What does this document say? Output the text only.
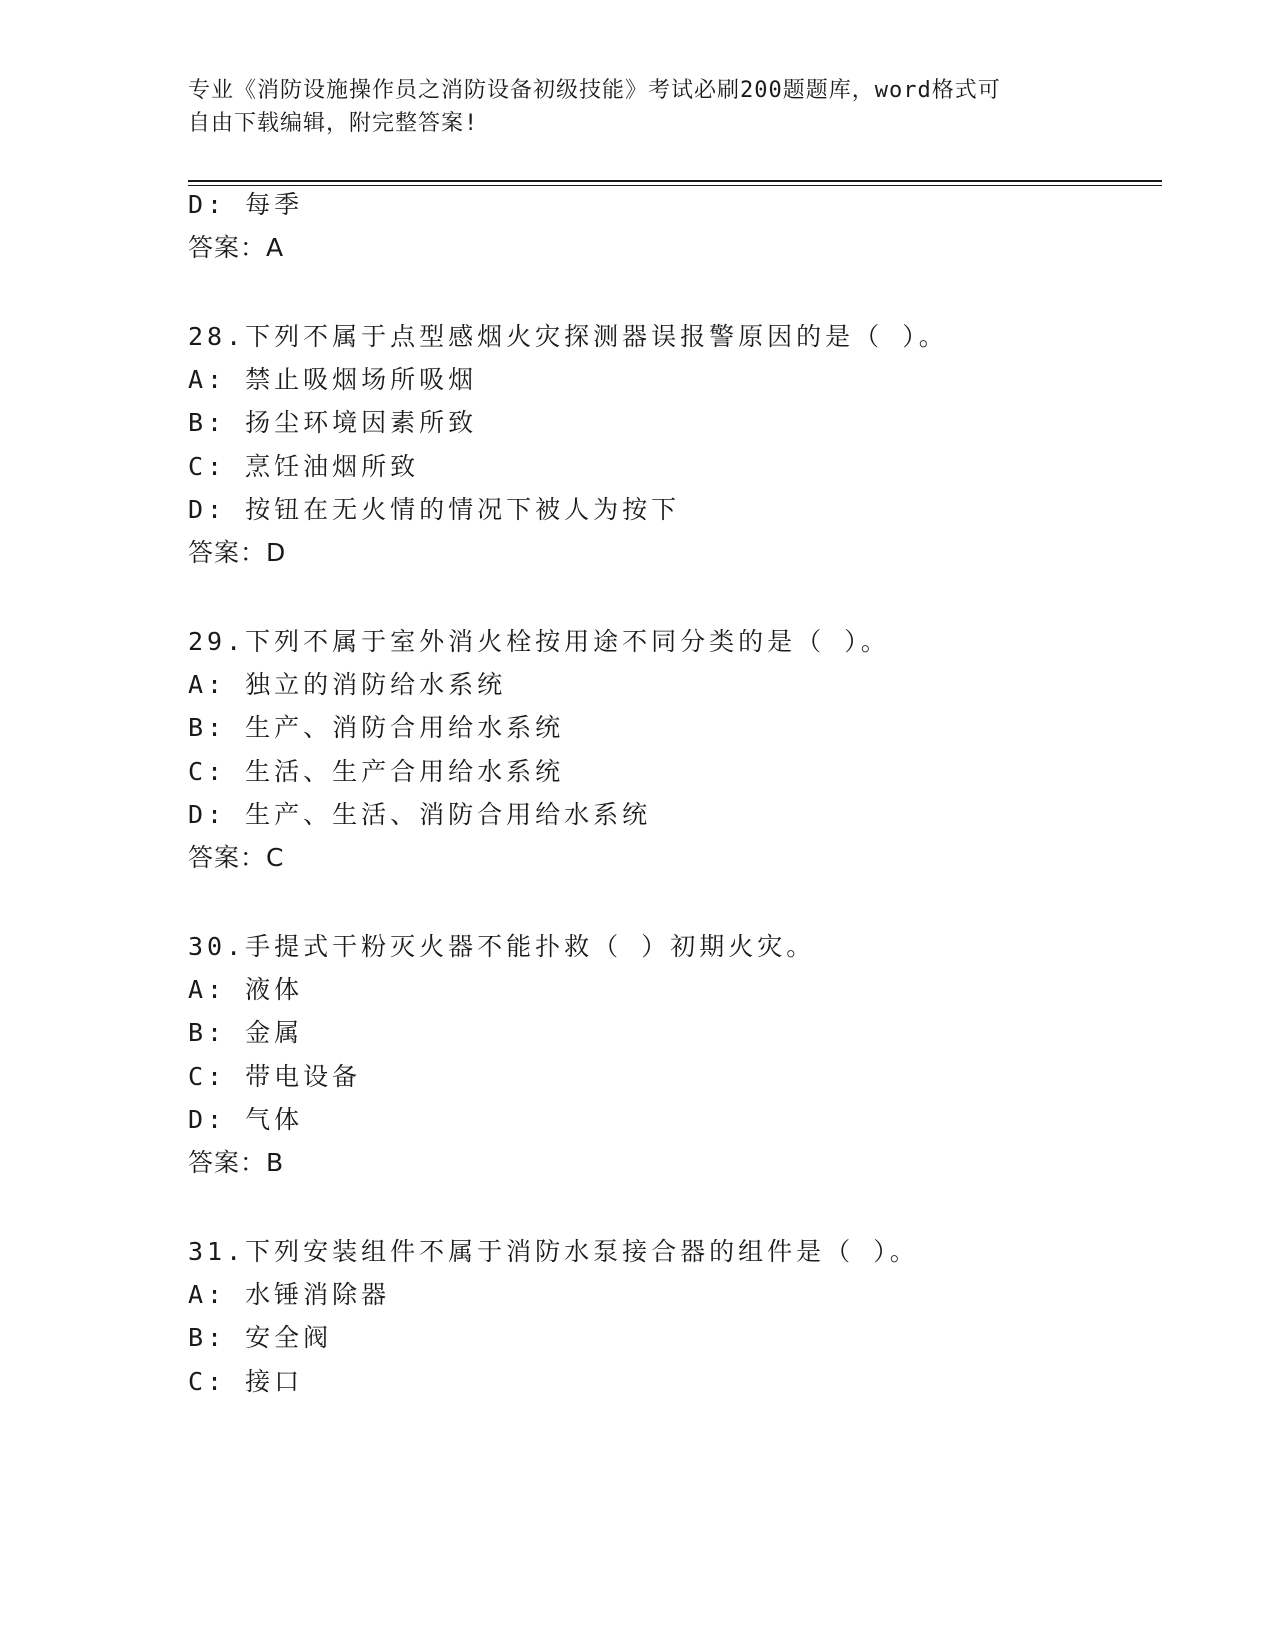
专业《消防设施操作员之消防设备初级技能》考试必刷200题题库，word格式可
自由下载编辑，附完整答案!
D: 每季
答案：A
28.下列不属于点型感烟火灾探测器误报警原因的是（ ）。
A: 禁止吸烟场所吸烟
B: 扬尘环境因素所致
C: 烹饪油烟所致
D: 按钮在无火情的情况下被人为按下
答案：D
29.下列不属于室外消火栓按用途不同分类的是（ ）。
A: 独立的消防给水系统
B: 生产、消防合用给水系统
C: 生活、生产合用给水系统
D: 生产、生活、消防合用给水系统
答案：C
30.手提式干粉灭火器不能扑救（ ）初期火灾。
A: 液体
B: 金属
C: 带电设备
D: 气体
答案：B
31.下列安装组件不属于消防水泵接合器的组件是（ ）。
A: 水锤消除器
B: 安全阀
C: 接口
